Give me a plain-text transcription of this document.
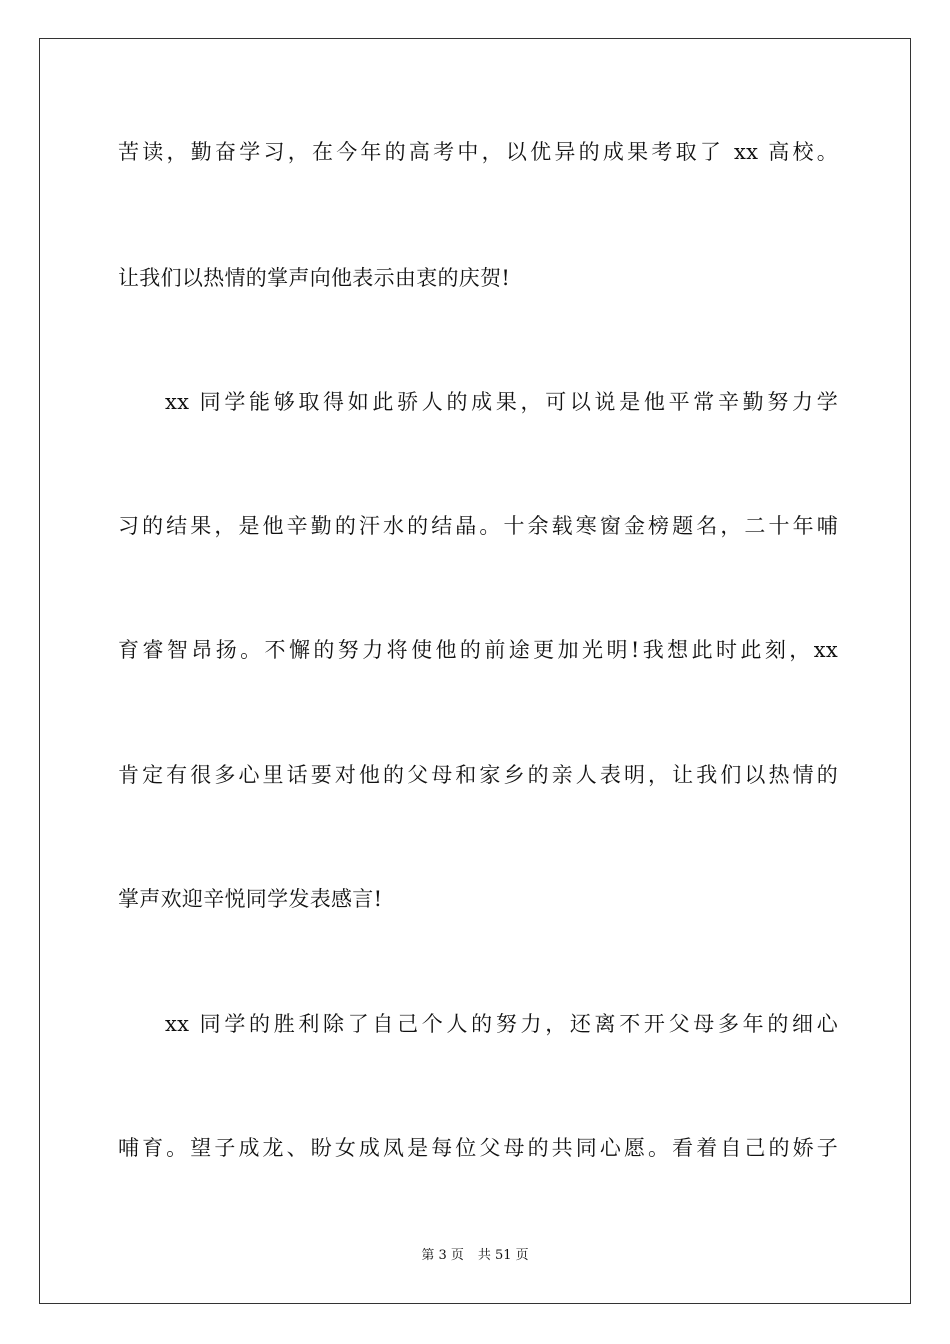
苦读，勤奋学习，在今年的高考中，以优异的成果考取了 xx 高校。
让我们以热情的掌声向他表示由衷的庆贺!
xx 同学能够取得如此骄人的成果，可以说是他平常辛勤努力学
习的结果，是他辛勤的汗水的结晶。十余载寒窗金榜题名，二十年哺
育睿智昂扬。不懈的努力将使他的前途更加光明!我想此时此刻，xx
肯定有很多心里话要对他的父母和家乡的亲人表明，让我们以热情的
掌声欢迎辛悦同学发表感言!
xx 同学的胜利除了自己个人的努力，还离不开父母多年的细心
哺育。望子成龙、盼女成凤是每位父母的共同心愿。看着自己的娇子
第 3 页 共 51 页
